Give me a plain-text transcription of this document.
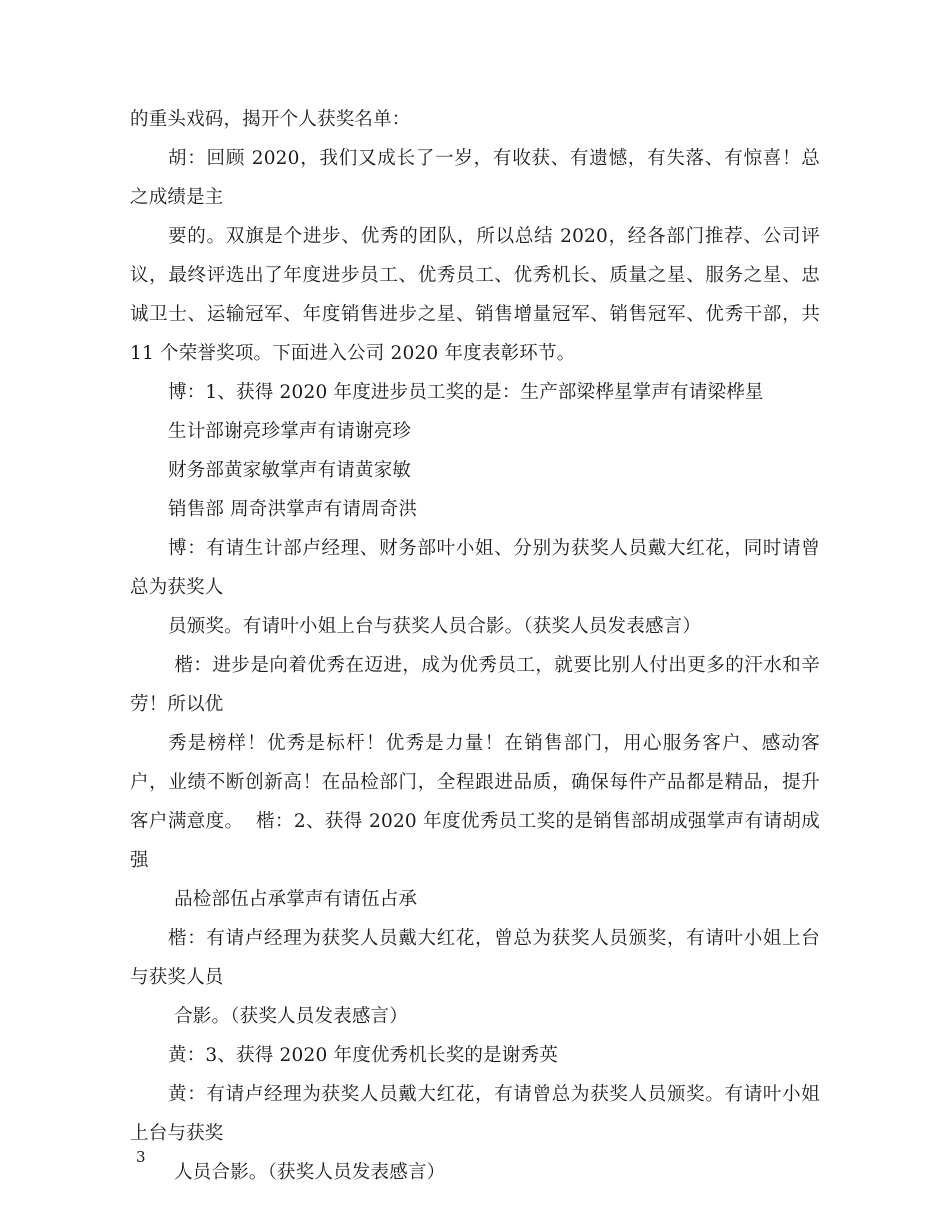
的重头戏码，揭开个人获奖名单：

胡：回顾 2020，我们又成长了一岁，有收获、有遗憾，有失落、有惊喜！总之成绩是主

要的。双旗是个进步、优秀的团队，所以总结 2020，经各部门推荐、公司评议，最终评选出了年度进步员工、优秀员工、优秀机长、质量之星、服务之星、忠诚卫士、运输冠军、年度销售进步之星、销售增量冠军、销售冠军、优秀干部，共 11 个荣誉奖项。下面进入公司 2020 年度表彰环节。

博：1、获得 2020 年度进步员工奖的是：生产部梁桦星掌声有请梁桦星

生计部谢亮珍掌声有请谢亮珍

财务部黄家敏掌声有请黄家敏

销售部 周奇洪掌声有请周奇洪

博：有请生计部卢经理、财务部叶小姐、分别为获奖人员戴大红花，同时请曾总为获奖人

员颁奖。有请叶小姐上台与获奖人员合影。（获奖人员发表感言）

楷：进步是向着优秀在迈进，成为优秀员工，就要比别人付出更多的汗水和辛劳！所以优

秀是榜样！优秀是标杆！优秀是力量！在销售部门，用心服务客户、感动客户，业绩不断创新高！在品检部门，全程跟进品质，确保每件产品都是精品，提升客户满意度。  楷：2、获得 2020 年度优秀员工奖的是销售部胡成强掌声有请胡成强

品检部伍占承掌声有请伍占承

楷：有请卢经理为获奖人员戴大红花，曾总为获奖人员颁奖，有请叶小姐上台与获奖人员

合影。（获奖人员发表感言）

黄：3、获得 2020 年度优秀机长奖的是谢秀英

黄：有请卢经理为获奖人员戴大红花，有请曾总为获奖人员颁奖。有请叶小姐上台与获奖

人员合影。（获奖人员发表感言）

3
